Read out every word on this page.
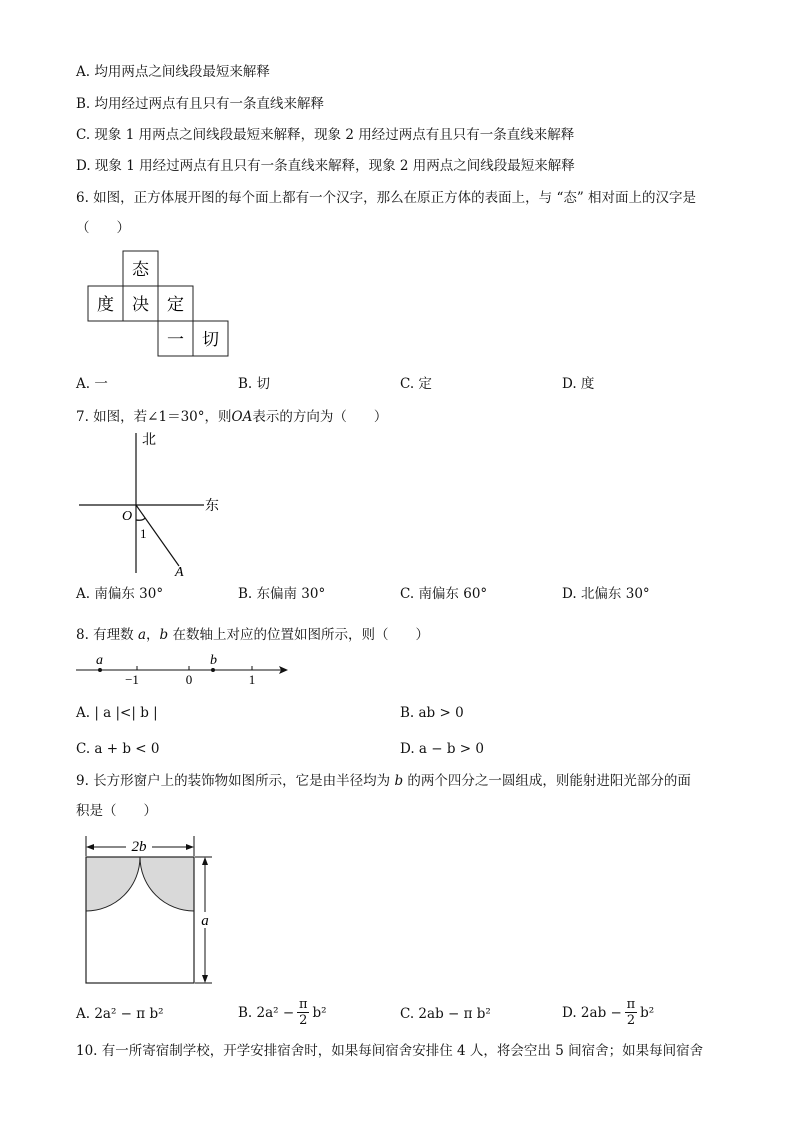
A. 均用两点之间线段最短来解释
B. 均用经过两点有且只有一条直线来解释
C. 现象 1 用两点之间线段最短来解释，现象 2 用经过两点有且只有一条直线来解释
D. 现象 1 用经过两点有且只有一条直线来解释，现象 2 用两点之间线段最短来解释
6. 如图，正方体展开图的每个面上都有一个汉字，那么在原正方体的表面上，与 “态” 相对面上的汉字是
（　　）
态
度 决 定
一 切
A. 一	B. 切	C. 定	D. 度
7. 如图，若∠1＝30°，则OA表示的方向为（　　）
北
东
O
1
A
A. 南偏东 30°	B. 东偏南 30°	C. 南偏东 60°	D. 北偏东 30°
8. 有理数 a，b 在数轴上对应的位置如图所示，则（　　）
a	b
−1	0	1
A. | a |<| b |	B. ab > 0
C. a + b < 0	D. a − b > 0
9. 长方形窗户上的装饰物如图所示，它是由半径均为 b 的两个四分之一圆组成，则能射进阳光部分的面
积是（　　）
2b
a
A. 2a² − π b²	B. $2a^2 - \frac{\pi}{2} b^2$	C. 2ab − π b²	D. $2ab - \frac{\pi}{2} b^2$
10. 有一所寄宿制学校，开学安排宿舍时，如果每间宿舍安排住 4 人，将会空出 5 间宿舍；如果每间宿舍
